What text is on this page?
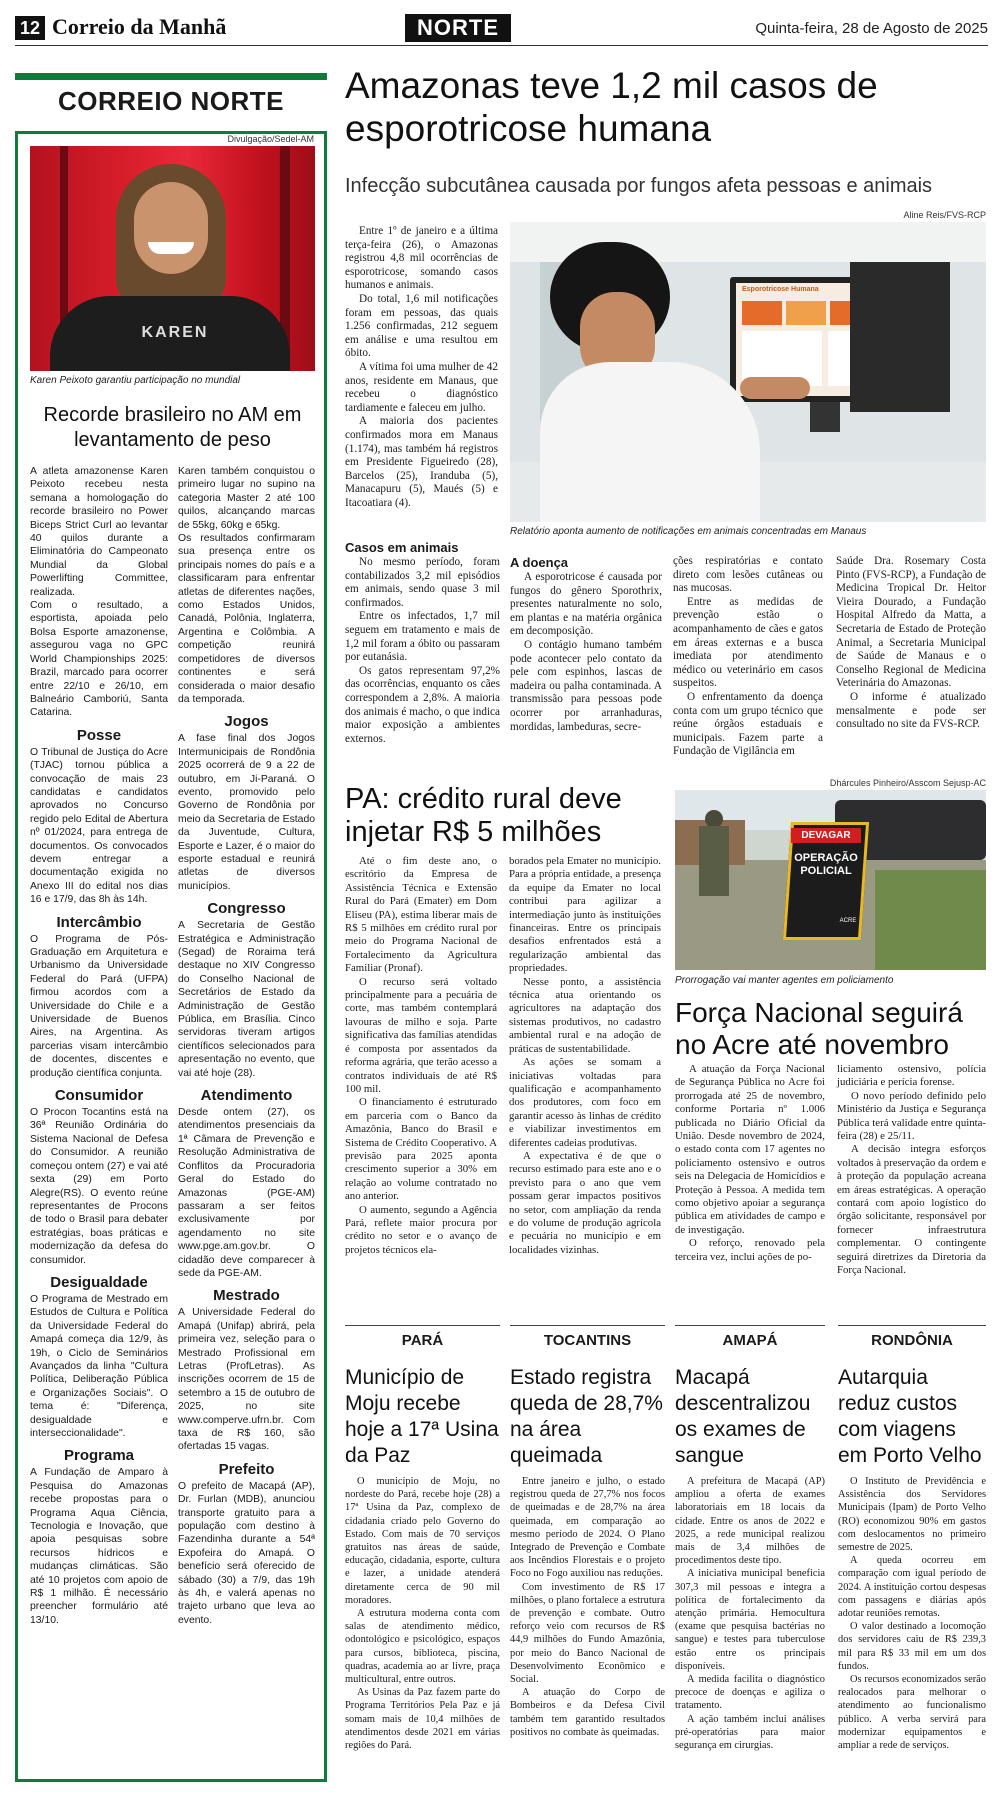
12 Correio da Manhã	NORTE	Quinta-feira, 28 de Agosto de 2025
CORREIO NORTE
Divulgação/Sedel-AM
KAREN
Karen Peixoto garantiu participação no mundial
Recorde brasileiro no AM em levantamento de peso

A atleta amazonense Karen Peixoto recebeu nesta semana a homologação do recorde brasileiro no Power Biceps Strict Curl ao levantar 40 quilos durante a Eliminatória do Campeonato Mundial da Global Powerlifting Committee, realizada.

Com o resultado, a esportista, apoiada pelo Bolsa Esporte amazonense, assegurou vaga no GPC World Championships 2025: Brazil, marcado para ocorrer entre 22/10 e 26/10, em Balneário Camboriú, Santa Catarina.

Posse

O Tribunal de Justiça do Acre (TJAC) tornou pública a convocação de mais 23 candidatas e candidatos aprovados no Concurso regido pelo Edital de Abertura nº 01/2024, para entrega de documentos. Os convocados devem entregar a documentação exigida no Anexo III do edital nos dias 16 e 17/9, das 8h às 14h.

Intercâmbio

O Programa de Pós-Graduação em Arquitetura e Urbanismo da Universidade Federal do Pará (UFPA) firmou acordos com a Universidade do Chile e a Universidade de Buenos Aires, na Argentina. As parcerias visam intercâmbio de docentes, discentes e produção científica conjunta.

Consumidor

O Procon Tocantins está na 36ª Reunião Ordinária do Sistema Nacional de Defesa do Consumidor. A reunião começou ontem (27) e vai até sexta (29) em Porto Alegre(RS). O evento reúne representantes de Procons de todo o Brasil para debater estratégias, boas práticas e modernização da defesa do consumidor.

Desigualdade

O Programa de Mestrado em Estudos de Cultura e Política da Universidade Federal do Amapá começa dia 12/9, às 19h, o Ciclo de Seminários Avançados da linha "Cultura Política, Deliberação Pública e Organizações Sociais". O tema é: "Diferença, desigualdade e interseccionalidade".

Programa

A Fundação de Amparo à Pesquisa do Amazonas recebe propostas para o Programa Aqua Ciência, Tecnologia e Inovação, que apoia pesquisas sobre recursos hídricos e mudanças climáticas. São até 10 projetos com apoio de R$ 1 milhão. É necessário preencher formulário até 13/10.

Karen também conquistou o primeiro lugar no supino na categoria Master 2 até 100 quilos, alcançando marcas de 55kg, 60kg e 65kg.

Os resultados confirmaram sua presença entre os principais nomes do país e a classificaram para enfrentar atletas de diferentes nações, como Estados Unidos, Canadá, Polônia, Inglaterra, Argentina e Colômbia. A competição reunirá competidores de diversos continentes e será considerada o maior desafio da temporada.

Jogos

A fase final dos Jogos Intermunicipais de Rondônia 2025 ocorrerá de 9 a 22 de outubro, em Ji-Paraná. O evento, promovido pelo Governo de Rondônia por meio da Secretaria de Estado da Juventude, Cultura, Esporte e Lazer, é o maior do esporte estadual e reunirá atletas de diversos municípios.

Congresso

A Secretaria de Gestão Estratégica e Administração (Segad) de Roraima terá destaque no XIV Congresso do Conselho Nacional de Secretários de Estado da Administração de Gestão Pública, em Brasília. Cinco servidoras tiveram artigos científicos selecionados para apresentação no evento, que vai até hoje (28).

Atendimento

Desde ontem (27), os atendimentos presenciais da 1ª Câmara de Prevenção e Resolução Administrativa de Conflitos da Procuradoria Geral do Estado do Amazonas (PGE-AM) passaram a ser feitos exclusivamente por agendamento no site www.pge.am.gov.br. O cidadão deve comparecer à sede da PGE-AM.

Mestrado

A Universidade Federal do Amapá (Unifap) abrirá, pela primeira vez, seleção para o Mestrado Profissional em Letras (ProfLetras). As inscrições ocorrem de 15 de setembro a 15 de outubro de 2025, no site www.comperve.ufrn.br. Com taxa de R$ 160, são ofertadas 15 vagas.

Prefeito

O prefeito de Macapá (AP), Dr. Furlan (MDB), anunciou transporte gratuito para a população com destino à Fazendinha durante a 54ª Expofeira do Amapá. O benefício será oferecido de sábado (30) a 7/9, das 19h às 4h, e valerá apenas no trajeto urbano que leva ao evento.

Amazonas teve 1,2 mil casos de esporotricose humana
Infecção subcutânea causada por fungos afeta pessoas e animais
Aline Reis/FVS-RCP

Entre 1º de janeiro e a última terça-feira (26), o Amazonas registrou 4,8 mil ocorrências de esporotricose, somando casos humanos e animais.

Do total, 1,6 mil notificações foram em pessoas, das quais 1.256 confirmadas, 212 seguem em análise e uma resultou em óbito.

A vítima foi uma mulher de 42 anos, residente em Manaus, que recebeu o diagnóstico tardiamente e faleceu em julho.

A maioria dos pacientes confirmados mora em Manaus (1.174), mas também há registros em Presidente Figueiredo (28), Barcelos (25), Iranduba (5), Manacapuru (5), Maués (5) e Itacoatiara (4).

Esporotricose Humana
Relatório aponta aumento de notificações em animais concentradas em Manaus
Casos em animais

No mesmo período, foram contabilizados 3,2 mil episódios em animais, sendo quase 3 mil confirmados.

Entre os infectados, 1,7 mil seguem em tratamento e mais de 1,2 mil foram a óbito ou passaram por eutanásia.

Os gatos representam 97,2% das ocorrências, enquanto os cães correspondem a 2,8%. A maioria dos animais é macho, o que indica maior exposição a ambientes externos.

A doença

A esporotricose é causada por fungos do gênero Sporothrix, presentes naturalmente no solo, em plantas e na matéria orgânica em decomposição.

O contágio humano também pode acontecer pelo contato da pele com espinhos, lascas de madeira ou palha contaminada. A transmissão para pessoas pode ocorrer por arranhaduras, mordidas, lambeduras, secre-

ções respiratórias e contato direto com lesões cutâneas ou nas mucosas.

Entre as medidas de prevenção estão o acompanhamento de cães e gatos em áreas externas e a busca imediata por atendimento médico ou veterinário em casos suspeitos.

O enfrentamento da doença conta com um grupo técnico que reúne órgãos estaduais e municipais. Fazem parte a Fundação de Vigilância em

Saúde Dra. Rosemary Costa Pinto (FVS-RCP), a Fundação de Medicina Tropical Dr. Heitor Vieira Dourado, a Fundação Hospital Alfredo da Matta, a Secretaria de Estado de Proteção Animal, a Secretaria Municipal de Saúde de Manaus e o Conselho Regional de Medicina Veterinária do Amazonas.

O informe é atualizado mensalmente e pode ser consultado no site da FVS-RCP.

PA: crédito rural deve injetar R$ 5 milhões

Até o fim deste ano, o escritório da Empresa de Assistência Técnica e Extensão Rural do Pará (Emater) em Dom Eliseu (PA), estima liberar mais de R$ 5 milhões em crédito rural por meio do Programa Nacional de Fortalecimento da Agricultura Familiar (Pronaf).

O recurso será voltado principalmente para a pecuária de corte, mas também contemplará lavouras de milho e soja. Parte significativa das famílias atendidas é composta por assentados da reforma agrária, que terão acesso a contratos individuais de até R$ 100 mil.

O financiamento é estruturado em parceria com o Banco da Amazônia, Banco do Brasil e Sistema de Crédito Cooperativo. A previsão para 2025 aponta crescimento superior a 30% em relação ao volume contratado no ano anterior.

O aumento, segundo a Agência Pará, reflete maior procura por crédito no setor e o avanço de projetos técnicos ela-

borados pela Emater no município. Para a própria entidade, a presença da equipe da Emater no local contribui para agilizar a intermediação junto às instituições financeiras. Entre os principais desafios enfrentados está a regularização ambiental das propriedades.

Nesse ponto, a assistência técnica atua orientando os agricultores na adaptação dos sistemas produtivos, no cadastro ambiental rural e na adoção de práticas de sustentabilidade.

As ações se somam a iniciativas voltadas para qualificação e acompanhamento dos produtores, com foco em garantir acesso às linhas de crédito e viabilizar investimentos em diferentes cadeias produtivas.

A expectativa é de que o recurso estimado para este ano e o previsto para o ano que vem possam gerar impactos positivos no setor, com ampliação da renda e do volume de produção agrícola e pecuária no município e em localidades vizinhas.

Dhárcules Pinheiro/Asscom Sejusp-AC
DEVAGAR
OPERAÇÃO POLICIAL
ACRE
Prorrogação vai manter agentes em policiamento
Força Nacional seguirá no Acre até novembro

A atuação da Força Nacional de Segurança Pública no Acre foi prorrogada até 25 de novembro, conforme Portaria nº 1.006 publicada no Diário Oficial da União. Desde novembro de 2024, o estado conta com 17 agentes no policiamento ostensivo e outros seis na Delegacia de Homicídios e Proteção à Pessoa. A medida tem como objetivo apoiar a segurança pública em atividades de campo e de investigação.

O reforço, renovado pela terceira vez, inclui ações de po-

liciamento ostensivo, polícia judiciária e perícia forense.

O novo período definido pelo Ministério da Justiça e Segurança Pública terá validade entre quinta-feira (28) e 25/11.

A decisão integra esforços voltados à preservação da ordem e à proteção da população acreana em áreas estratégicas. A operação contará com apoio logístico do órgão solicitante, responsável por fornecer infraestrutura complementar. O contingente seguirá diretrizes da Diretoria da Força Nacional.

PARÁ
Município de Moju recebe hoje a 17ª Usina da Paz

O município de Moju, no nordeste do Pará, recebe hoje (28) a 17ª Usina da Paz, complexo de cidadania criado pelo Governo do Estado. Com mais de 70 serviços gratuitos nas áreas de saúde, educação, cidadania, esporte, cultura e lazer, a unidade atenderá diretamente cerca de 90 mil moradores.

A estrutura moderna conta com salas de atendimento médico, odontológico e psicológico, espaços para cursos, biblioteca, piscina, quadras, academia ao ar livre, praça multicultural, entre outros.

As Usinas da Paz fazem parte do Programa Territórios Pela Paz e já somam mais de 10,4 milhões de atendimentos desde 2021 em várias regiões do Pará.

TOCANTINS
Estado registra queda de 28,7% na área queimada

Entre janeiro e julho, o estado registrou queda de 27,7% nos focos de queimadas e de 28,7% na área queimada, em comparação ao mesmo período de 2024. O Plano Integrado de Prevenção e Combate aos Incêndios Florestais e o projeto Foco no Fogo auxiliou nas reduções.

Com investimento de R$ 17 milhões, o plano fortalece a estrutura de prevenção e combate. Outro reforço veio com recursos de R$ 44,9 milhões do Fundo Amazônia, por meio do Banco Nacional de Desenvolvimento Econômico e Social.

A atuação do Corpo de Bombeiros e da Defesa Civil também tem garantido resultados positivos no combate às queimadas.

AMAPÁ
Macapá descentralizou os exames de sangue

A prefeitura de Macapá (AP) ampliou a oferta de exames laboratoriais em 18 locais da cidade. Entre os anos de 2022 e 2025, a rede municipal realizou mais de 3,4 milhões de procedimentos deste tipo.

A iniciativa municipal beneficia 307,3 mil pessoas e integra a política de fortalecimento da atenção primária. Hemocultura (exame que pesquisa bactérias no sangue) e testes para tuberculose estão entre os principais disponíveis.

A medida facilita o diagnóstico precoce de doenças e agiliza o tratamento.

A ação também inclui análises pré-operatórias para maior segurança em cirurgias.

RONDÔNIA
Autarquia reduz custos com viagens em Porto Velho

O Instituto de Previdência e Assistência dos Servidores Municipais (Ipam) de Porto Velho (RO) economizou 90% em gastos com deslocamentos no primeiro semestre de 2025.

A queda ocorreu em comparação com igual período de 2024. A instituição cortou despesas com passagens e diárias após adotar reuniões remotas.

O valor destinado a locomoção dos servidores caiu de R$ 239,3 mil para R$ 33 mil em um dos fundos.

Os recursos economizados serão realocados para melhorar o atendimento ao funcionalismo público. A verba servirá para modernizar equipamentos e ampliar a rede de serviços.
